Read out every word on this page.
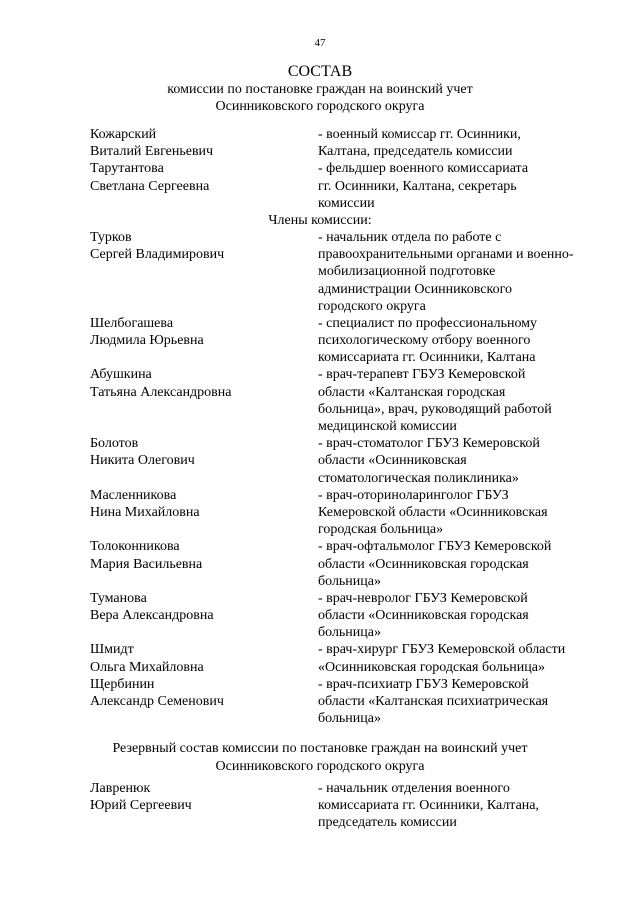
47
СОСТАВ
комиссии по постановке граждан на воинский учет
Осинниковского городского округа
Кожарский
Виталий Евгеньевич
- военный комиссар гг. Осинники,
Калтана, председатель комиссии
Тарутантова
Светлана Сергеевна
- фельдшер военного комиссариата
гг. Осинники, Калтана, секретарь
комиссии
Члены комиссии:
Турков
Сергей Владимирович
- начальник отдела по работе с
правоохранительными органами и военно-
мобилизационной подготовке
администрации Осинниковского
городского округа
Шелбогашева
Людмила Юрьевна
- специалист по профессиональному
психологическому отбору военного
комиссариата гг. Осинники, Калтана
Абушкина
Татьяна Александровна
- врач-терапевт ГБУЗ Кемеровской
области «Калтанская городская
больница», врач, руководящий работой
медицинской комиссии
Болотов
Никита Олегович
- врач-стоматолог ГБУЗ Кемеровской
области «Осинниковская
стоматологическая поликлиника»
Масленникова
Нина Михайловна
- врач-оториноларинголог ГБУЗ
Кемеровской области «Осинниковская
городская больница»
Толоконникова
Мария Васильевна
- врач-офтальмолог ГБУЗ Кемеровской
области «Осинниковская городская
больница»
Туманова
Вера Александровна
- врач-невролог ГБУЗ Кемеровской
области «Осинниковская городская
больница»
Шмидт
Ольга Михайловна
- врач-хирург ГБУЗ Кемеровской области
«Осинниковская городская больница»
Щербинин
Александр Семенович
- врач-психиатр ГБУЗ Кемеровской
области «Калтанская психиатрическая
больница»
Резервный состав комиссии по постановке граждан на воинский учет
Осинниковского городского округа
Лавренюк
Юрий Сергеевич
- начальник отделения военного
комиссариата гг. Осинники, Калтана,
председатель комиссии
